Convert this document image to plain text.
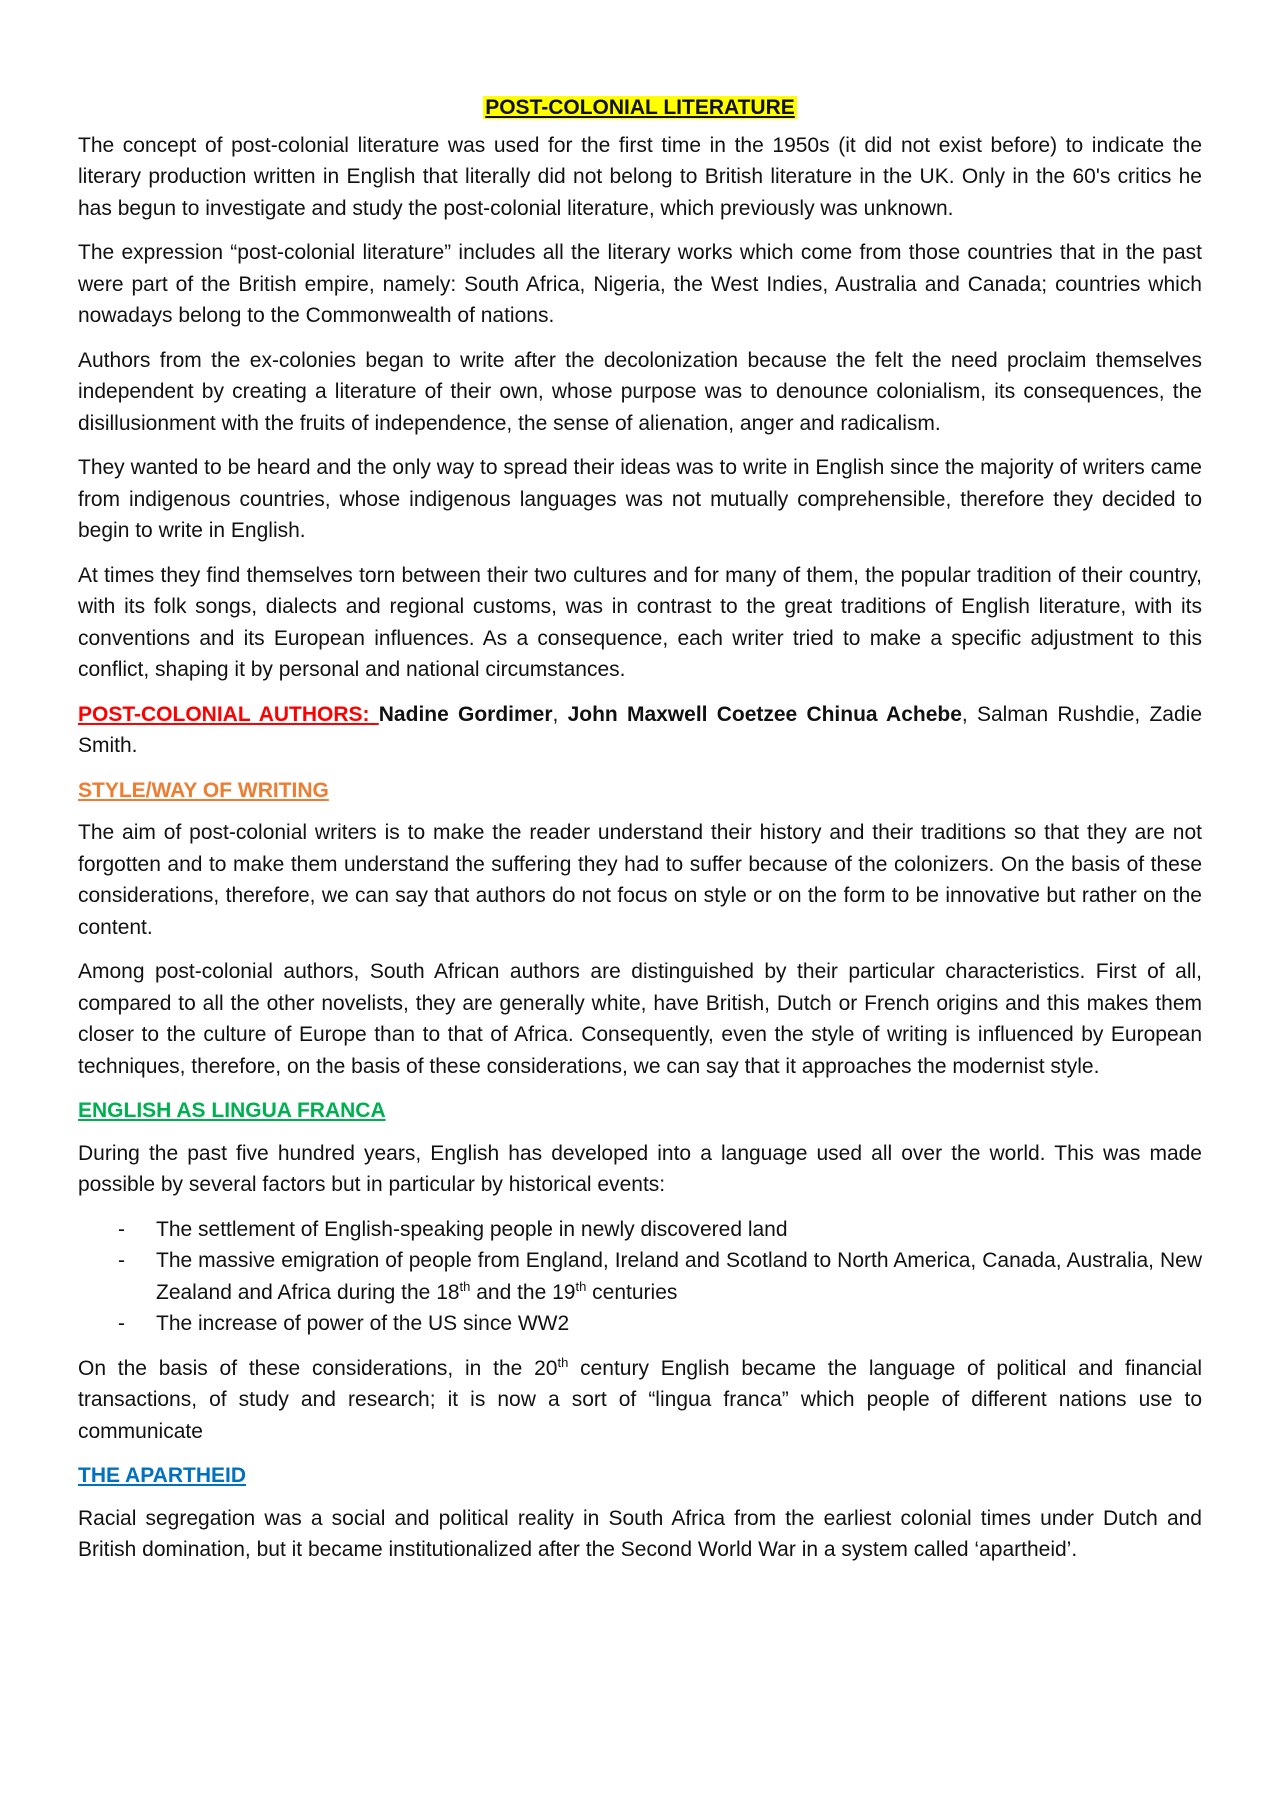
POST-COLONIAL LITERATURE

The concept of post-colonial literature was used for the first time in the 1950s (it did not exist before) to indicate the literary production written in English that literally did not belong to British literature in the UK. Only in the 60's critics he has begun to investigate and study the post-colonial literature, which previously was unknown.

The expression “post-colonial literature” includes all the literary works which come from those countries that in the past were part of the British empire, namely: South Africa, Nigeria, the West Indies, Australia and Canada; countries which nowadays belong to the Commonwealth of nations.

Authors from the ex-colonies began to write after the decolonization because the felt the need proclaim themselves independent by creating a literature of their own, whose purpose was to denounce colonialism, its consequences, the disillusionment with the fruits of independence, the sense of alienation, anger and radicalism.

They wanted to be heard and the only way to spread their ideas was to write in English since the majority of writers came from indigenous countries, whose indigenous languages was not mutually comprehensible, therefore they decided to begin to write in English.

At times they find themselves torn between their two cultures and for many of them, the popular tradition of their country, with its folk songs, dialects and regional customs, was in contrast to the great traditions of English literature, with its conventions and its European influences. As a consequence, each writer tried to make a specific adjustment to this conflict, shaping it by personal and national circumstances.

POST-COLONIAL AUTHORS: Nadine Gordimer, John Maxwell Coetzee Chinua Achebe, Salman Rushdie, Zadie Smith.

STYLE/WAY OF WRITING

The aim of post-colonial writers is to make the reader understand their history and their traditions so that they are not forgotten and to make them understand the suffering they had to suffer because of the colonizers. On the basis of these considerations, therefore, we can say that authors do not focus on style or on the form to be innovative but rather on the content.

Among post-colonial authors, South African authors are distinguished by their particular characteristics. First of all, compared to all the other novelists, they are generally white, have British, Dutch or French origins and this makes them closer to the culture of Europe than to that of Africa. Consequently, even the style of writing is influenced by European techniques, therefore, on the basis of these considerations, we can say that it approaches the modernist style.

ENGLISH AS LINGUA FRANCA

During the past five hundred years, English has developed into a language used all over the world. This was made possible by several factors but in particular by historical events:

- The settlement of English-speaking people in newly discovered land
- The massive emigration of people from England, Ireland and Scotland to North America, Canada, Australia, New Zealand and Africa during the 18th and the 19th centuries
- The increase of power of the US since WW2

On the basis of these considerations, in the 20th century English became the language of political and financial transactions, of study and research; it is now a sort of “lingua franca” which people of different nations use to communicate

THE APARTHEID

Racial segregation was a social and political reality in South Africa from the earliest colonial times under Dutch and British domination, but it became institutionalized after the Second World War in a system called ‘apartheid’.
